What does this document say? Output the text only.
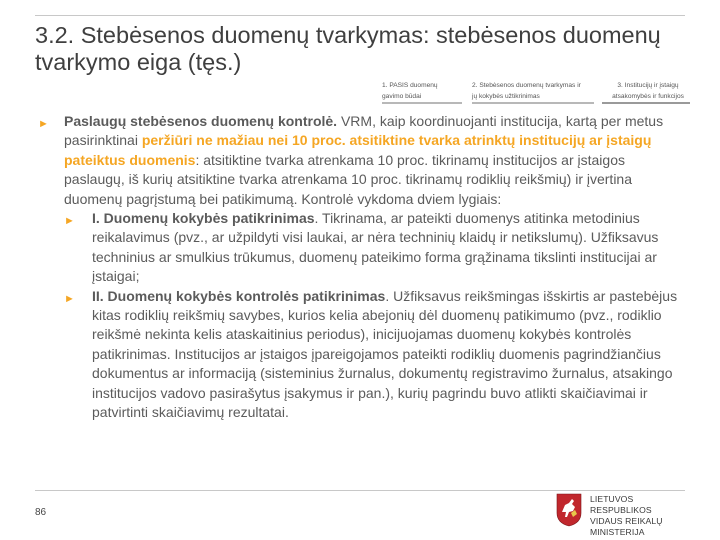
3.2. Stebėsenos duomenų tvarkymas: stebėsenos duomenų tvarkymo eiga (tęs.)
1. PASIS duomenų
gavimo būdai
2. Stebėsenos duomenų tvarkymas ir
jų kokybės užtikrinimas
3. Institucijų ir įstaigų
atsakomybės ir funkcijos

► Paslaugų stebėsenos duomenų kontrolė. VRM, kaip koordinuojanti institucija, kartą per metus pasirinktinai peržiūri ne mažiau nei 10 proc. atsitiktine tvarka atrinktų institucijų ar įstaigų pateiktus duomenis: atsitiktine tvarka atrenkama 10 proc. tikrinamų institucijos ar įstaigos paslaugų, iš kurių atsitiktine tvarka atrenkama 10 proc. tikrinamų rodiklių reikšmių) ir įvertina duomenų pagrįstumą bei patikimumą. Kontrolė vykdoma dviem lygiais:

► I. Duomenų kokybės patikrinimas. Tikrinama, ar pateikti duomenys atitinka metodinius reikalavimus (pvz., ar užpildyti visi laukai, ar nėra techninių klaidų ir netikslumų). Užfiksavus techninius ar smulkius trūkumus, duomenų pateikimo forma grąžinama tikslinti institucijai ar įstaigai;

► II. Duomenų kokybės kontrolės patikrinimas. Užfiksavus reikšmingas išskirtis ar pastebėjus kitas rodiklių reikšmių savybes, kurios kelia abejonių dėl duomenų patikimumo (pvz., rodiklio reikšmė nekinta kelis ataskaitinius periodus), inicijuojamas duomenų kokybės kontrolės patikrinimas. Institucijos ar įstaigos įpareigojamos pateikti rodiklių duomenis pagrindžiančius dokumentus ar informaciją (sisteminius žurnalus, dokumentų registravimo žurnalus, atsakingo institucijos vadovo pasirašytus įsakymus ir pan.), kurių pagrindu buvo atlikti skaičiavimai ir patvirtinti skaičiavimų rezultatai.

86
LIETUVOS RESPUBLIKOS
VIDAUS REIKALŲ
MINISTERIJA
